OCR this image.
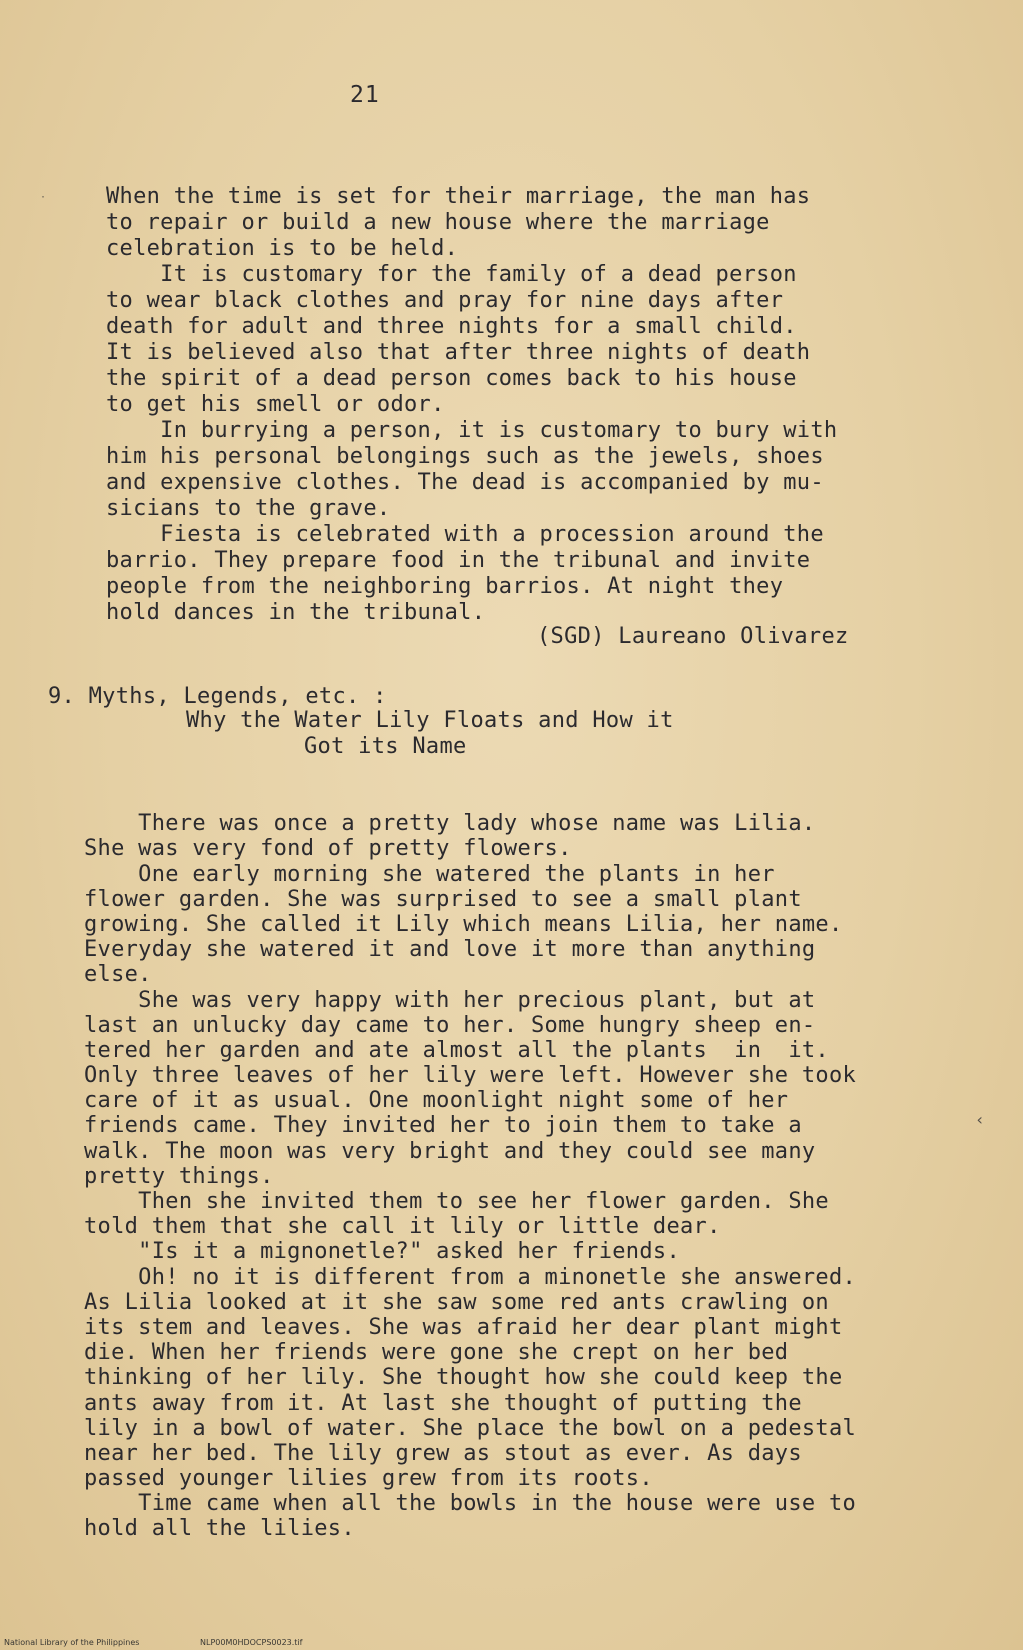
·
21
When the time is set for their marriage, the man has
to repair or build a new house where the marriage
celebration is to be held.
It is customary for the family of a dead person
to wear black clothes and pray for nine days after
death for adult and three nights for a small child.
It is believed also that after three nights of death
the spirit of a dead person comes back to his house
to get his smell or odor.
In burrying a person, it is customary to bury with
him his personal belongings such as the jewels, shoes
and expensive clothes. The dead is accompanied by mu-
sicians to the grave.
Fiesta is celebrated with a procession around the
barrio. They prepare food in the tribunal and invite
people from the neighboring barrios. At night they
hold dances in the tribunal.
(SGD) Laureano Olivarez
9. Myths, Legends, etc. :
Why the Water Lily Floats and How it
Got its Name
There was once a pretty lady whose name was Lilia.
She was very fond of pretty flowers.
One early morning she watered the plants in her
flower garden. She was surprised to see a small plant
growing. She called it Lily which means Lilia, her name.
Everyday she watered it and love it more than anything
else.
She was very happy with her precious plant, but at
last an unlucky day came to her. Some hungry sheep en-
tered her garden and ate almost all the plants  in  it.
Only three leaves of her lily were left. However she took
care of it as usual. One moonlight night some of her
friends came. They invited her to join them to take a
walk. The moon was very bright and they could see many
pretty things.
Then she invited them to see her flower garden. She
told them that she call it lily or little dear.
"Is it a mignonetle?" asked her friends.
Oh! no it is different from a minonetle she answered.
As Lilia looked at it she saw some red ants crawling on
its stem and leaves. She was afraid her dear plant might
die. When her friends were gone she crept on her bed
thinking of her lily. She thought how she could keep the
ants away from it. At last she thought of putting the
lily in a bowl of water. She place the bowl on a pedestal
near her bed. The lily grew as stout as ever. As days
passed younger lilies grew from its roots.
Time came when all the bowls in the house were use to
hold all the lilies.
‹
National Library of the Philippines	NLP00M0HDOCPS0023.tif
